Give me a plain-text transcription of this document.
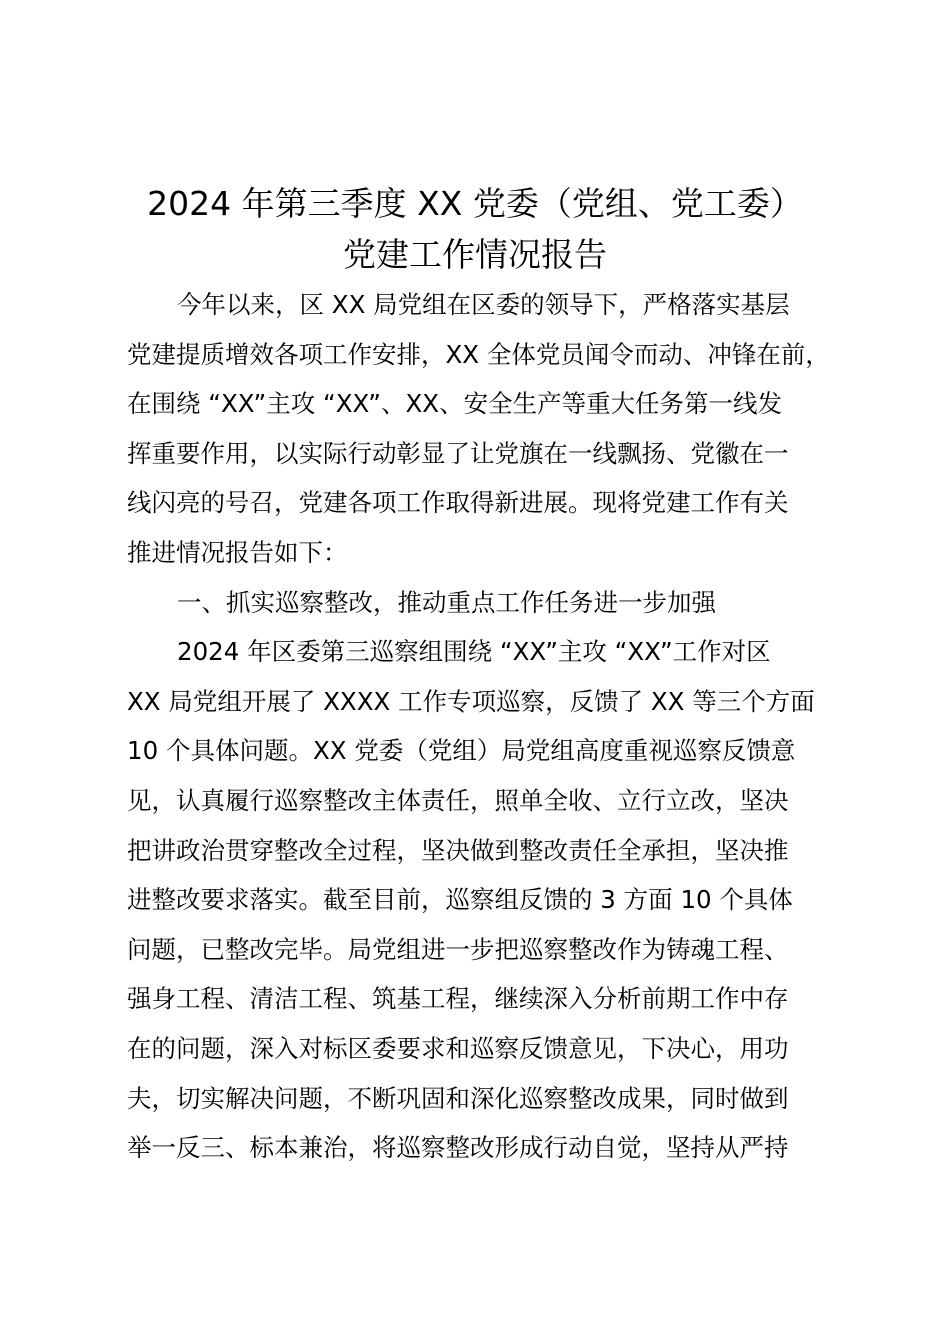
2024 年第三季度 XX 党委（党组、党工委）
党建工作情况报告
今年以来，区 XX 局党组在区委的领导下，严格落实基层
党建提质增效各项工作安排，XX 全体党员闻令而动、冲锋在前，
在围绕 “XX”主攻 “XX”、XX、安全生产等重大任务第一线发
挥重要作用，以实际行动彰显了让党旗在一线飘扬、党徽在一
线闪亮的号召，党建各项工作取得新进展。现将党建工作有关
推进情况报告如下：
一、抓实巡察整改，推动重点工作任务进一步加强
2024 年区委第三巡察组围绕 “XX”主攻 “XX”工作对区
XX 局党组开展了 XXXX 工作专项巡察，反馈了 XX 等三个方面
10 个具体问题。XX 党委（党组）局党组高度重视巡察反馈意
见，认真履行巡察整改主体责任，照单全收、立行立改，坚决
把讲政治贯穿整改全过程，坚决做到整改责任全承担，坚决推
进整改要求落实。截至目前，巡察组反馈的 3 方面 10 个具体
问题，已整改完毕。局党组进一步把巡察整改作为铸魂工程、
强身工程、清洁工程、筑基工程，继续深入分析前期工作中存
在的问题，深入对标区委要求和巡察反馈意见，下决心，用功
夫，切实解决问题，不断巩固和深化巡察整改成果，同时做到
举一反三、标本兼治，将巡察整改形成行动自觉，坚持从严持
